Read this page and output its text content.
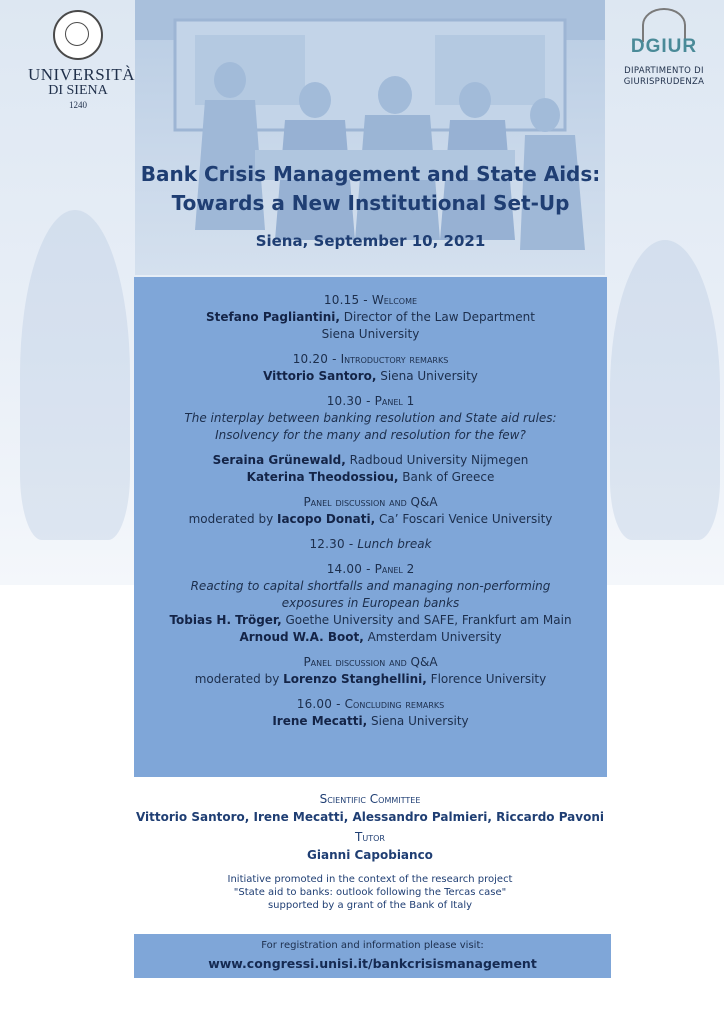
UNIVERSITÀ
DI SIENA
1240
DGIUR
DIPARTIMENTO DI
GIURISPRUDENZA
Bank Crisis Management and State Aids:
Towards a New Institutional Set-Up
Siena, September 10, 2021
10.15 - Welcome
Stefano Pagliantini, Director of the Law Department
Siena University
10.20 - Introductory remarks
Vittorio Santoro, Siena University
10.30 - Panel 1
The interplay between banking resolution and State aid rules:
Insolvency for the many and resolution for the few?
Seraina Grünewald, Radboud University Nijmegen
Katerina Theodossiou, Bank of Greece
Panel discussion and Q&A
moderated by Iacopo Donati, Ca’ Foscari Venice University
12.30 - Lunch break
14.00 - Panel 2
Reacting to capital shortfalls and managing non-performing
exposures in European banks
Tobias H. Tröger, Goethe University and SAFE, Frankfurt am Main
Arnoud W.A. Boot, Amsterdam University
Panel discussion and Q&A
moderated by Lorenzo Stanghellini, Florence University
16.00 - Concluding remarks
Irene Mecatti, Siena University
Scientific Committee
Vittorio Santoro, Irene Mecatti, Alessandro Palmieri, Riccardo Pavoni
Tutor
Gianni Capobianco
Initiative promoted in the context of the research project
"State aid to banks: outlook following the Tercas case"
supported by a grant of the Bank of Italy
For registration and information please visit:
www.congressi.unisi.it/bankcrisismanagement
